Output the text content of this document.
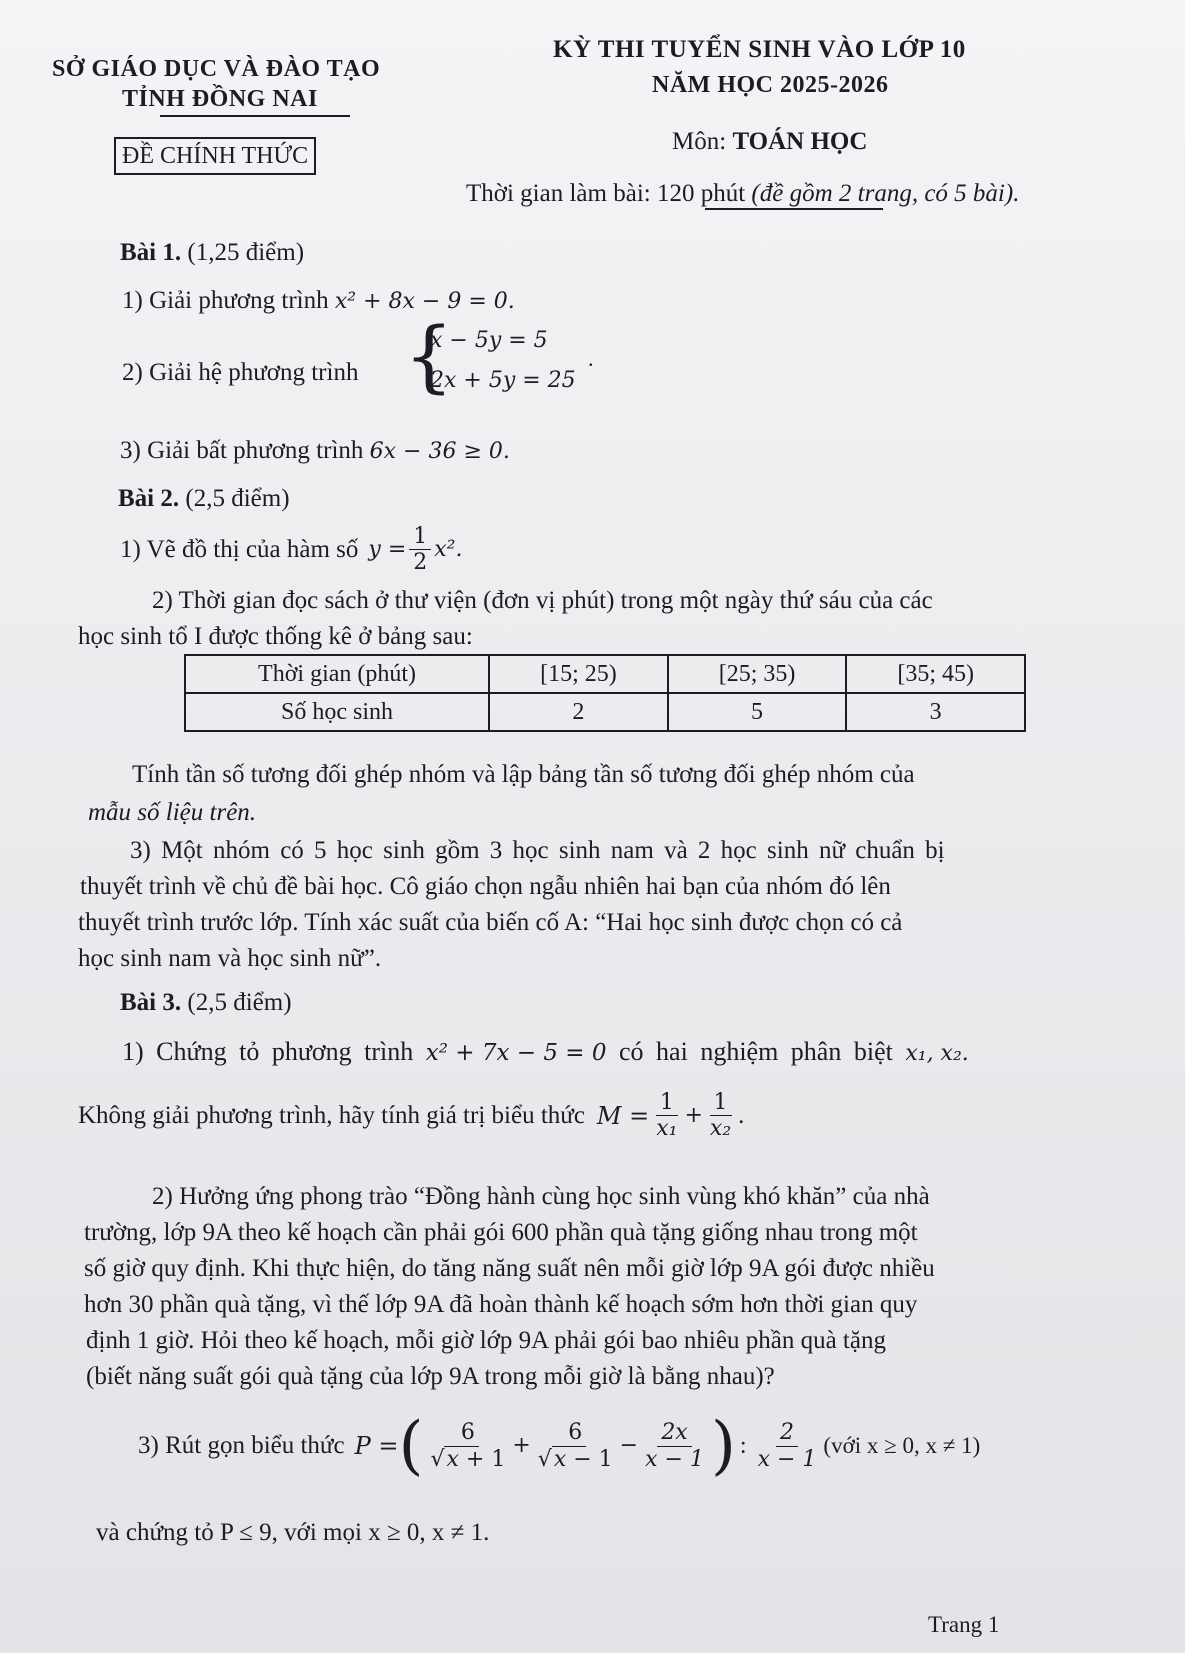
SỞ GIÁO DỤC VÀ ĐÀO TẠO
TỈNH ĐỒNG NAI
ĐỀ CHÍNH THỨC
KỲ THI TUYỂN SINH VÀO LỚP 10
NĂM HỌC 2025-2026
Môn: TOÁN HỌC
Thời gian làm bài: 120 phút (đề gồm 2 trang, có 5 bài).
Bài 1. (1,25 điểm)
1) Giải phương trình x² + 8x − 9 = 0.
2) Giải hệ phương trình {
x − 5y = 5
2x + 5y = 25
.
3) Giải bất phương trình 6x − 36 ≥ 0.
Bài 2. (2,5 điểm)
1) Vẽ đồ thị của hàm số $y = \frac{1}{2} x^2$.
2) Thời gian đọc sách ở thư viện (đơn vị phút) trong một ngày thứ sáu của các
học sinh tổ I được thống kê ở bảng sau:
Thời gian (phút)	[15; 25)	[25; 35)	[35; 45)
Số học sinh	2	5	3
Tính tần số tương đối ghép nhóm và lập bảng tần số tương đối ghép nhóm của
mẫu số liệu trên.
3) Một nhóm có 5 học sinh gồm 3 học sinh nam và 2 học sinh nữ chuẩn bị
thuyết trình về chủ đề bài học. Cô giáo chọn ngẫu nhiên hai bạn của nhóm đó lên
thuyết trình trước lớp. Tính xác suất của biến cố A: “Hai học sinh được chọn có cả
học sinh nam và học sinh nữ”.
Bài 3. (2,5 điểm)
1) Chứng tỏ phương trình x² + 7x − 5 = 0 có hai nghiệm phân biệt x₁, x₂.
Không giải phương trình, hãy tính giá trị biểu thức $M = \frac{1}{\text{x₁}} + \frac{1}{\text{x₂}}$ .
2) Hưởng ứng phong trào “Đồng hành cùng học sinh vùng khó khăn” của nhà
trường, lớp 9A theo kế hoạch cần phải gói 600 phần quà tặng giống nhau trong một
số giờ quy định. Khi thực hiện, do tăng năng suất nên mỗi giờ lớp 9A gói được nhiều
hơn 30 phần quà tặng, vì thế lớp 9A đã hoàn thành kế hoạch sớm hơn thời gian quy
định 1 giờ. Hỏi theo kế hoạch, mỗi giờ lớp 9A phải gói bao nhiêu phần quà tặng
(biết năng suất gói quà tặng của lớp 9A trong mỗi giờ là bằng nhau)?
3) Rút gọn biểu thức P = ( $\frac{6}{√x + 1} + \frac{6}{√x - 1} - \frac{2x}{x - 1}$ ) : $\frac{2}{x - 1}$ (với x ≥ 0, x ≠ 1)
và chứng tỏ P ≤ 9, với mọi x ≥ 0, x ≠ 1.
Trang 1
